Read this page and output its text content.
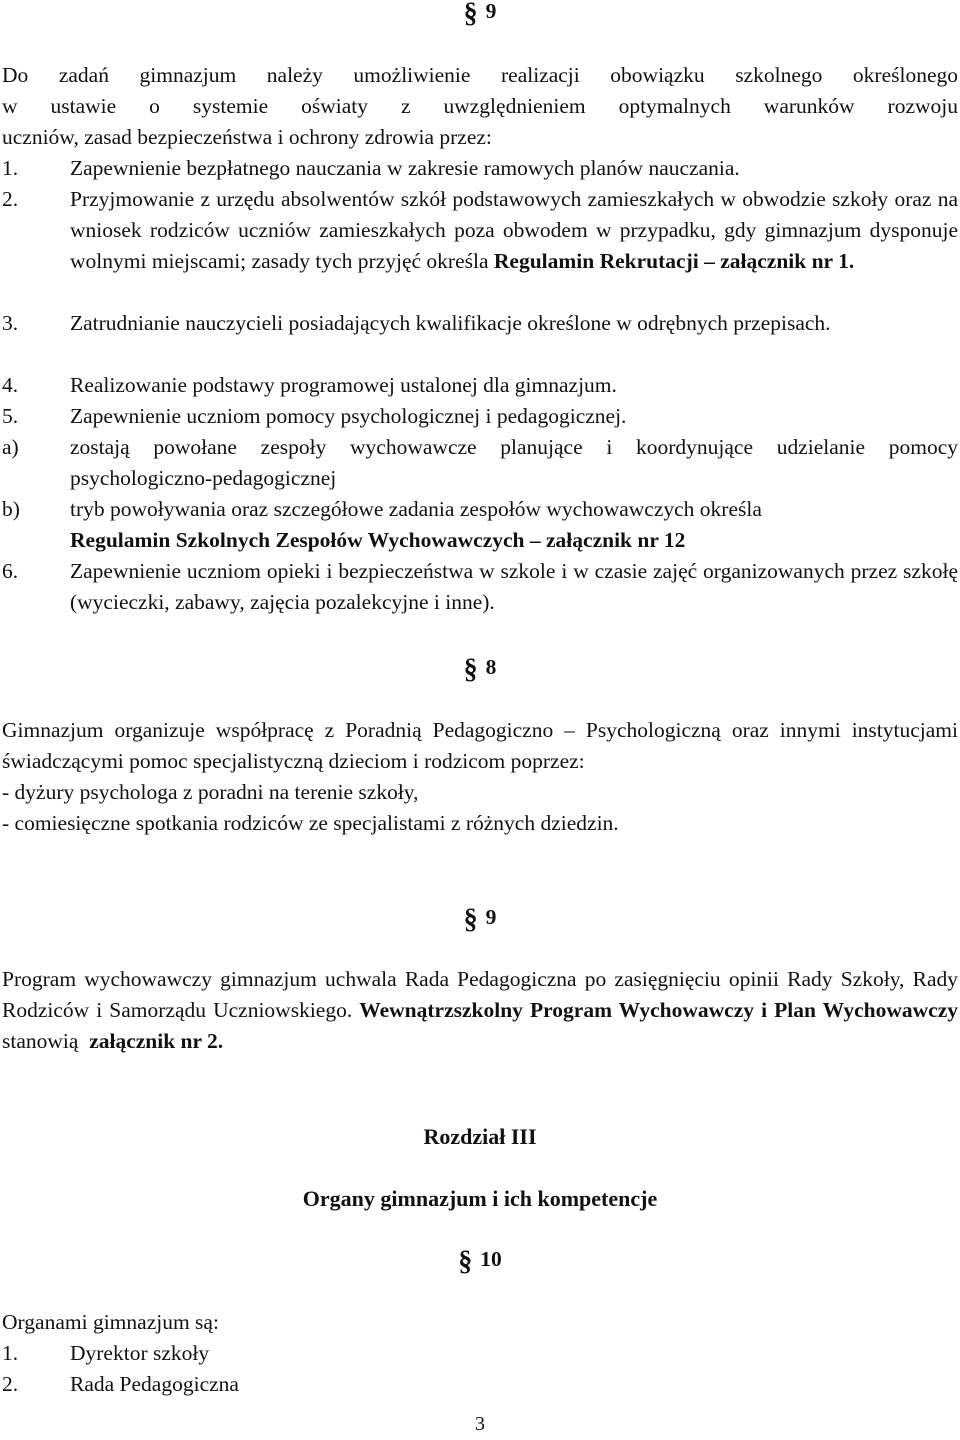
§ 9

Do zadań gimnazjum należy umożliwienie realizacji obowiązku szkolnego określonego
w ustawie o systemie oświaty z uwzględnieniem optymalnych warunków rozwoju
uczniów, zasad bezpieczeństwa i ochrony zdrowia przez:

1.	Zapewnienie bezpłatnego nauczania w zakresie ramowych planów nauczania.
2.	Przyjmowanie z urzędu absolwentów szkół podstawowych zamieszkałych w obwodzie szkoły oraz na wniosek rodziców uczniów zamieszkałych poza obwodem w przypadku, gdy gimnazjum dysponuje wolnymi miejscami; zasady tych przyjęć określa Regulamin Rekrutacji – załącznik nr 1.
3.	Zatrudnianie nauczycieli posiadających kwalifikacje określone w odrębnych przepisach.
4.	Realizowanie podstawy programowej ustalonej dla gimnazjum.
5.	Zapewnienie uczniom pomocy psychologicznej i pedagogicznej.
a)	zostają powołane zespoły wychowawcze planujące i koordynujące udzielanie pomocy psychologiczno-pedagogicznej
b)	tryb powoływania oraz szczegółowe zadania zespołów wychowawczych określa
Regulamin Szkolnych Zespołów Wychowawczych – załącznik nr 12
6.	Zapewnienie uczniom opieki i bezpieczeństwa w szkole i w czasie zajęć organizowanych przez szkołę (wycieczki, zabawy, zajęcia pozalekcyjne i inne).
§ 8
Gimnazjum organizuje współpracę z Poradnią Pedagogiczno – Psychologiczną oraz innymi instytucjami świadczącymi pomoc specjalistyczną dzieciom i rodzicom poprzez:
- dyżury psychologa z poradni na terenie szkoły,
- comiesięczne spotkania rodziców ze specjalistami z różnych dziedzin.
§ 9
Program wychowawczy gimnazjum uchwala Rada Pedagogiczna po zasięgnięciu opinii Rady Szkoły, Rady Rodziców i Samorządu Uczniowskiego. Wewnątrzszkolny Program Wychowawczy i Plan Wychowawczy stanowią załącznik nr 2.
Rozdział III
Organy gimnazjum i ich kompetencje
§ 10
Organami gimnazjum są:
1.	Dyrektor szkoły
2.	Rada Pedagogiczna
3
